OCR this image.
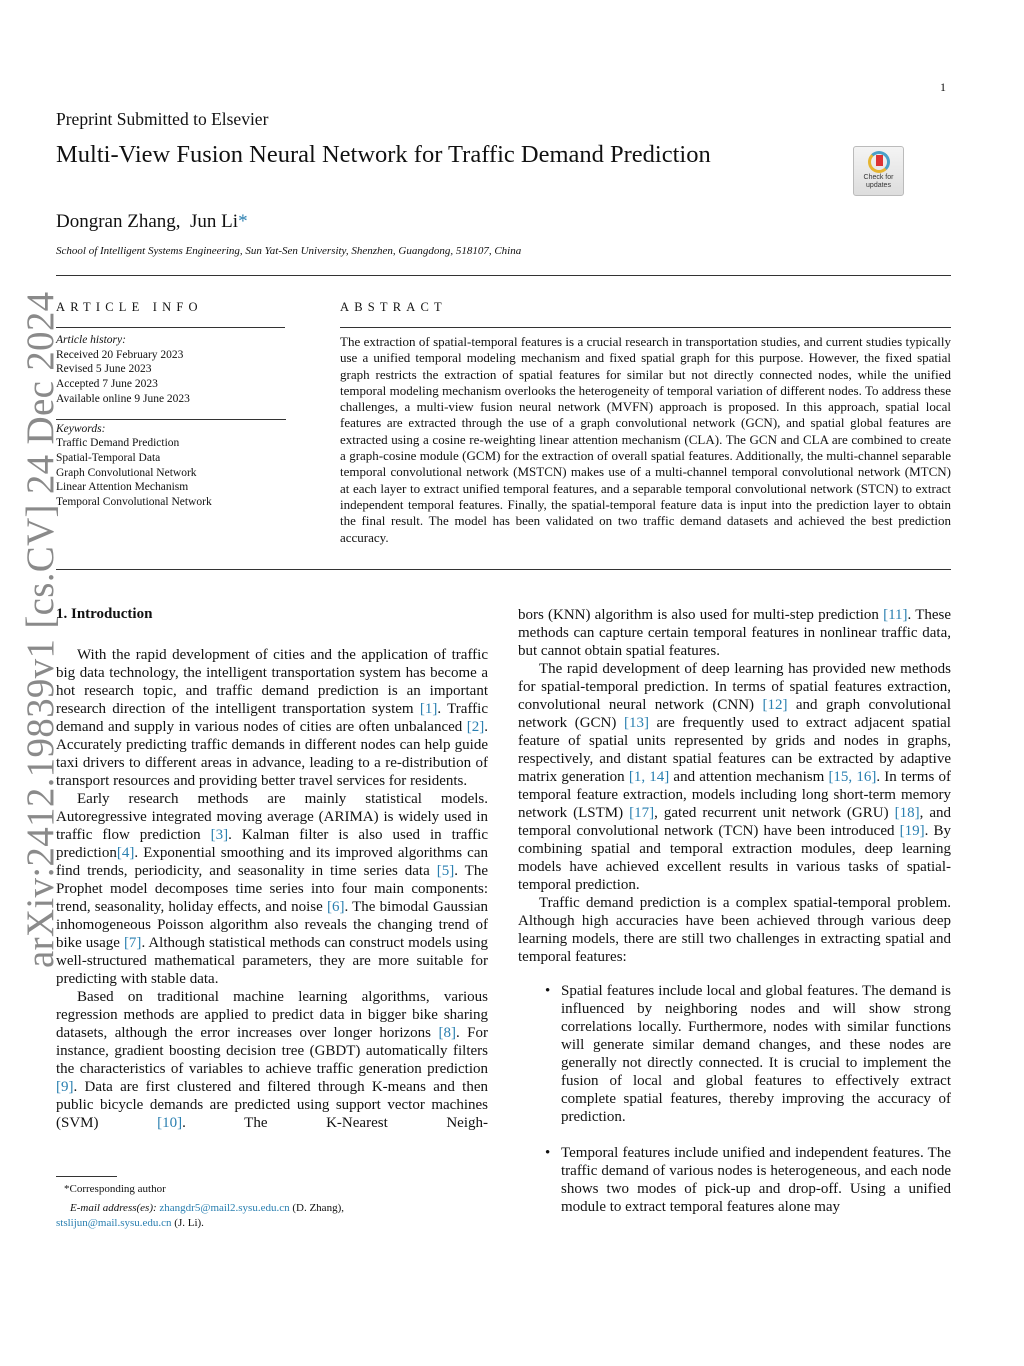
1
Preprint Submitted to Elsevier
Multi-View Fusion Neural Network for Traffic Demand Prediction
Check for
updates
Dongran Zhang, Jun Li*
School of Intelligent Systems Engineering, Sun Yat-Sen University, Shenzhen, Guangdong, 518107, China
ARTICLE INFO	ABSTRACT
Article history:
Received 20 February 2023
Revised 5 June 2023
Accepted 7 June 2023
Available online 9 June 2023
Keywords:
Traffic Demand Prediction
Spatial-Temporal Data
Graph Convolutional Network
Linear Attention Mechanism
Temporal Convolutional Network
The extraction of spatial-temporal features is a crucial research in transportation studies, and current studies typically use a unified temporal modeling mechanism and fixed spatial graph for this purpose. However, the fixed spatial graph restricts the extraction of spatial features for similar but not directly connected nodes, while the unified temporal modeling mechanism overlooks the heterogeneity of temporal variation of different nodes. To address these challenges, a multi-view fusion neural network (MVFN) approach is proposed. In this approach, spatial local features are extracted through the use of a graph convolutional network (GCN), and spatial global features are extracted using a cosine re-weighting linear attention mechanism (CLA). The GCN and CLA are combined to create a graph-cosine module (GCM) for the extraction of overall spatial features. Additionally, the multi-channel separable temporal convolutional network (MSTCN) makes use of a multi-channel temporal convolutional network (MTCN) at each layer to extract unified temporal features, and a separable temporal convolutional network (STCN) to extract independent temporal features. Finally, the spatial-temporal feature data is input into the prediction layer to obtain the final result. The model has been validated on two traffic demand datasets and achieved the best prediction accuracy.
arXiv:2412.19839v1 [cs.CV] 24 Dec 2024
1. Introduction

With the rapid development of cities and the application of traffic big data technology, the intelligent transportation system has become a hot research topic, and traffic demand prediction is an important research direction of the intelligent transportation system [1]. Traffic demand and supply in various nodes of cities are often unbalanced [2]. Accurately predicting traffic demands in different nodes can help guide taxi drivers to different areas in advance, leading to a re-distribution of transport resources and providing better travel services for residents.

Early research methods are mainly statistical models. Autoregressive integrated moving average (ARIMA) is widely used in traffic flow prediction [3]. Kalman filter is also used in traffic prediction[4]. Exponential smoothing and its improved algorithms can find trends, periodicity, and seasonality in time series data [5]. The Prophet model decomposes time series into four main components: trend, seasonality, holiday effects, and noise [6]. The bimodal Gaussian inhomogeneous Poisson algorithm also reveals the changing trend of bike usage [7]. Although statistical methods can construct models using well-structured mathematical parameters, they are more suitable for predicting with stable data.

Based on traditional machine learning algorithms, various regression methods are applied to predict data in bigger bike sharing datasets, although the error increases over longer horizons [8]. For instance, gradient boosting decision tree (GBDT) automatically filters the characteristics of variables to achieve traffic generation prediction [9]. Data are first clustered and filtered through K-means and then public bicycle demands are predicted using support vector machines (SVM) [10]. The K-Nearest Neigh-

bors (KNN) algorithm is also used for multi-step prediction [11]. These methods can capture certain temporal features in nonlinear traffic data, but cannot obtain spatial features.

The rapid development of deep learning has provided new methods for spatial-temporal prediction. In terms of spatial features extraction, convolutional neural network (CNN) [12] and graph convolutional network (GCN) [13] are frequently used to extract adjacent spatial feature of spatial units represented by grids and nodes in graphs, respectively, and distant spatial features can be extracted by adaptive matrix generation [1, 14] and attention mechanism [15, 16]. In terms of temporal feature extraction, models including long short-term memory network (LSTM) [17], gated recurrent unit network (GRU) [18], and temporal convolutional network (TCN) have been introduced [19]. By combining spatial and temporal extraction modules, deep learning models have achieved excellent results in various tasks of spatial-temporal prediction.

Traffic demand prediction is a complex spatial-temporal problem. Although high accuracies have been achieved through various deep learning models, there are still two challenges in extracting spatial and temporal features:

• Spatial features include local and global features. The demand is influenced by neighboring nodes and will show strong correlations locally. Furthermore, nodes with similar functions will generate similar demand changes, and these nodes are generally not directly connected. It is crucial to implement the fusion of local and global features to effectively extract complete spatial features, thereby improving the accuracy of prediction.
• Temporal features include unified and independent features. The traffic demand of various nodes is heterogeneous, and each node shows two modes of pick-up and drop-off. Using a unified module to extract temporal features alone may
*Corresponding author
E-mail address(es): zhangdr5@mail2.sysu.edu.cn (D. Zhang),
stslijun@mail.sysu.edu.cn (J. Li).
